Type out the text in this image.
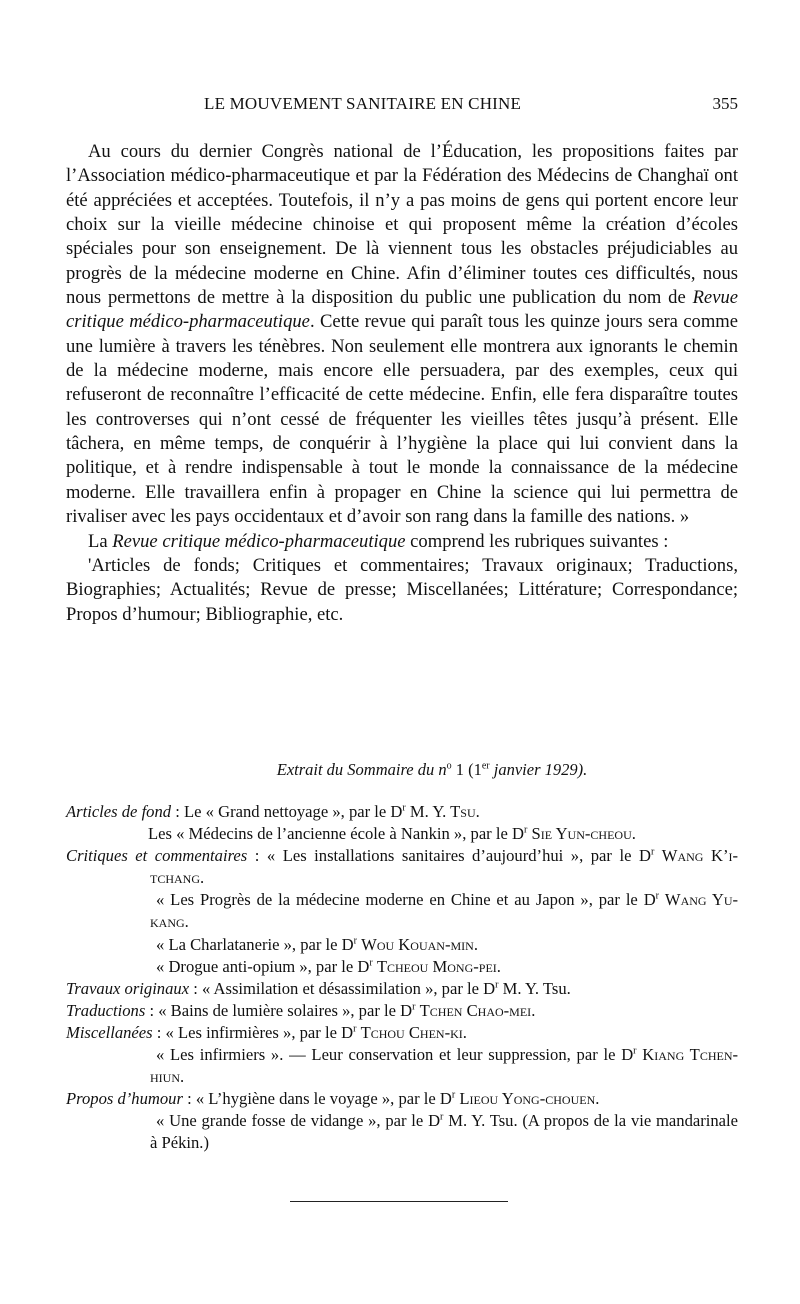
LE MOUVEMENT SANITAIRE EN CHINE	355

Au cours du dernier Congrès national de l’Éducation, les propositions faites par l’Association médico-pharmaceutique et par la Fédération des Médecins de Changhaï ont été appréciées et acceptées. Toutefois, il n’y a pas moins de gens qui portent encore leur choix sur la vieille médecine chinoise et qui proposent même la création d’écoles spéciales pour son enseignement. De là viennent tous les obstacles préjudiciables au progrès de la médecine moderne en Chine. Afin d’éliminer toutes ces difficultés, nous nous permettons de mettre à la disposition du public une publication du nom de Revue critique médico-pharmaceutique. Cette revue qui paraît tous les quinze jours sera comme une lumière à travers les ténèbres. Non seulement elle montrera aux ignorants le chemin de la médecine moderne, mais encore elle persuadera, par des exemples, ceux qui refuseront de reconnaître l’efficacité de cette médecine. Enfin, elle fera disparaître toutes les controverses qui n’ont cessé de fréquenter les vieilles têtes jusqu’à présent. Elle tâchera, en même temps, de conquérir à l’hygiène la place qui lui convient dans la politique, et à rendre indispensable à tout le monde la connaissance de la médecine moderne. Elle travaillera enfin à propager en Chine la science qui lui permettra de rivaliser avec les pays occidentaux et d’avoir son rang dans la famille des nations. »

La Revue critique médico-pharmaceutique comprend les rubriques suivantes :

'Articles de fonds; Critiques et commentaires; Travaux originaux; Traductions, Biographies; Actualités; Revue de presse; Miscellanées; Littérature; Correspondance; Propos d’humour; Bibliographie, etc.

Extrait du Sommaire du $n^o$ 1 (1er janvier 1929).

Articles de fond : Le « Grand nettoyage », par le $D^r$ M. Y. Tsu.

Les « Médecins de l’ancienne école à Nankin », par le $D^r$ Sie Yun-cheou.

Critiques et commentaires : « Les installations sanitaires d’aujourd’hui », par le $D^r$ Wang K’i-tchang.

« Les Progrès de la médecine moderne en Chine et au Japon », par le $D^r$ Wang Yu-kang.

« La Charlatanerie », par le $D^r$ Wou Kouan-min.

« Drogue anti-opium », par le $D^r$ Tcheou Mong-pei.

Travaux originaux : « Assimilation et désassimilation », par le $D^r$ M. Y. Tsu.

Traductions : « Bains de lumière solaires », par le $D^r$ Tchen Chao-mei.

Miscellanées : « Les infirmières », par le $D^r$ Tchou Chen-ki.

« Les infirmiers ». — Leur conservation et leur suppression, par le $D^r$ Kiang Tchen-hiun.

Propos d’humour : « L’hygiène dans le voyage », par le $D^r$ Lieou Yong-chouen.

« Une grande fosse de vidange », par le $D^r$ M. Y. Tsu. (A propos de la vie mandarinale à Pékin.)
